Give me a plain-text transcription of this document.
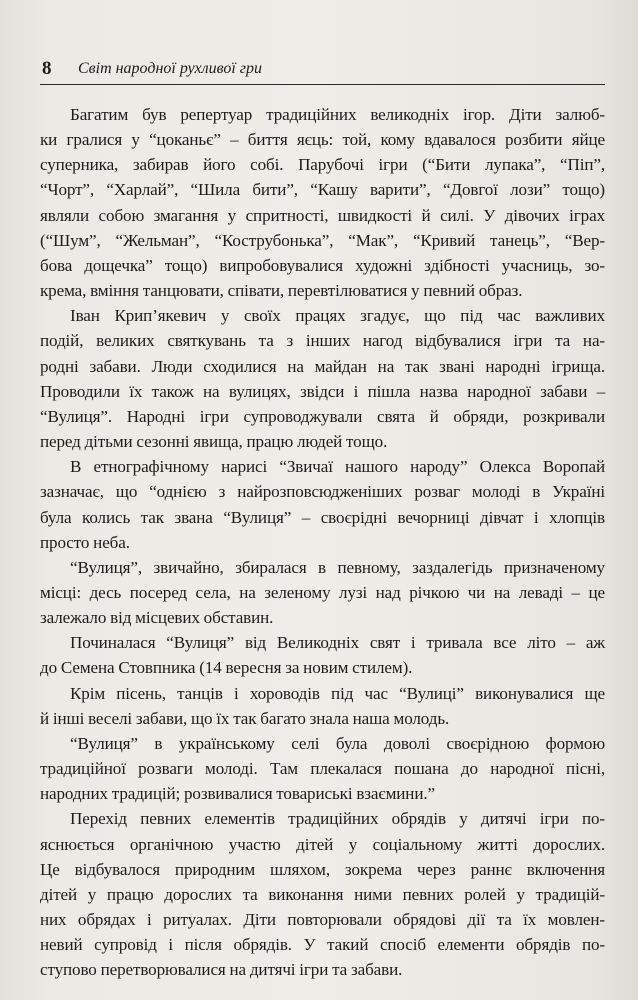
8 Світ народної рухливої гри
Багатим був репертуар традиційних великодніх ігор. Діти залюб-
ки гралися у “цоканьє” – биття яєць: той, кому вдавалося розбити яйце
суперника, забирав його собі. Парубочі ігри (“Бити лупака”, “Піп”,
“Чорт”, “Харлай”, “Шила бити”, “Кашу варити”, “Довгої лози” тощо)
являли собою змагання у спритності, швидкості й силі. У дівочих іграх
(“Шум”, “Жельман”, “Кострубонька”, “Мак”, “Кривий танець”, “Вер-
бова дощечка” тощо) випробовувалися художні здібності учасниць, зо-
крема, вміння танцювати, співати, перевтілюватися у певний образ.
Іван Крип’якевич у своїх працях згадує, що під час важливих
подій, великих святкувань та з інших нагод відбувалися ігри та на-
родні забави. Люди сходилися на майдан на так звані народні ігрища.
Проводили їх також на вулицях, звідси і пішла назва народної забави –
“Вулиця”. Народні ігри супроводжували свята й обряди, розкривали
перед дітьми сезонні явища, працю людей тощо.
В етнографічному нарисі “Звичаї нашого народу” Олекса Воропай
зазначає, що “однією з найрозповсюдженіших розваг молоді в Україні
була колись так звана “Вулиця” – своєрідні вечорниці дівчат і хлопців
просто неба.
“Вулиця”, звичайно, збиралася в певному, заздалегідь призначеному
місці: десь посеред села, на зеленому лузі над річкою чи на леваді – це
залежало від місцевих обставин.
Починалася “Вулиця” від Великодніх свят і тривала все літо – аж
до Семена Стовпника (14 вересня за новим стилем).
Крім пісень, танців і хороводів під час “Вулиці” виконувалися ще
й інші веселі забави, що їх так багато знала наша молодь.
“Вулиця” в українському селі була доволі своєрідною формою
традиційної розваги молоді. Там плекалася пошана до народної пісні,
народних традицій; розвивалися товариські взаємини.”
Перехід певних елементів традиційних обрядів у дитячі ігри по-
яснюється органічною участю дітей у соціальному житті дорослих.
Це відбувалося природним шляхом, зокрема через раннє включення
дітей у працю дорослих та виконання ними певних ролей у традицій-
них обрядах і ритуалах. Діти повторювали обрядові дії та їх мовлен-
невий супровід і після обрядів. У такий спосіб елементи обрядів по-
ступово перетворювалися на дитячі ігри та забави.
